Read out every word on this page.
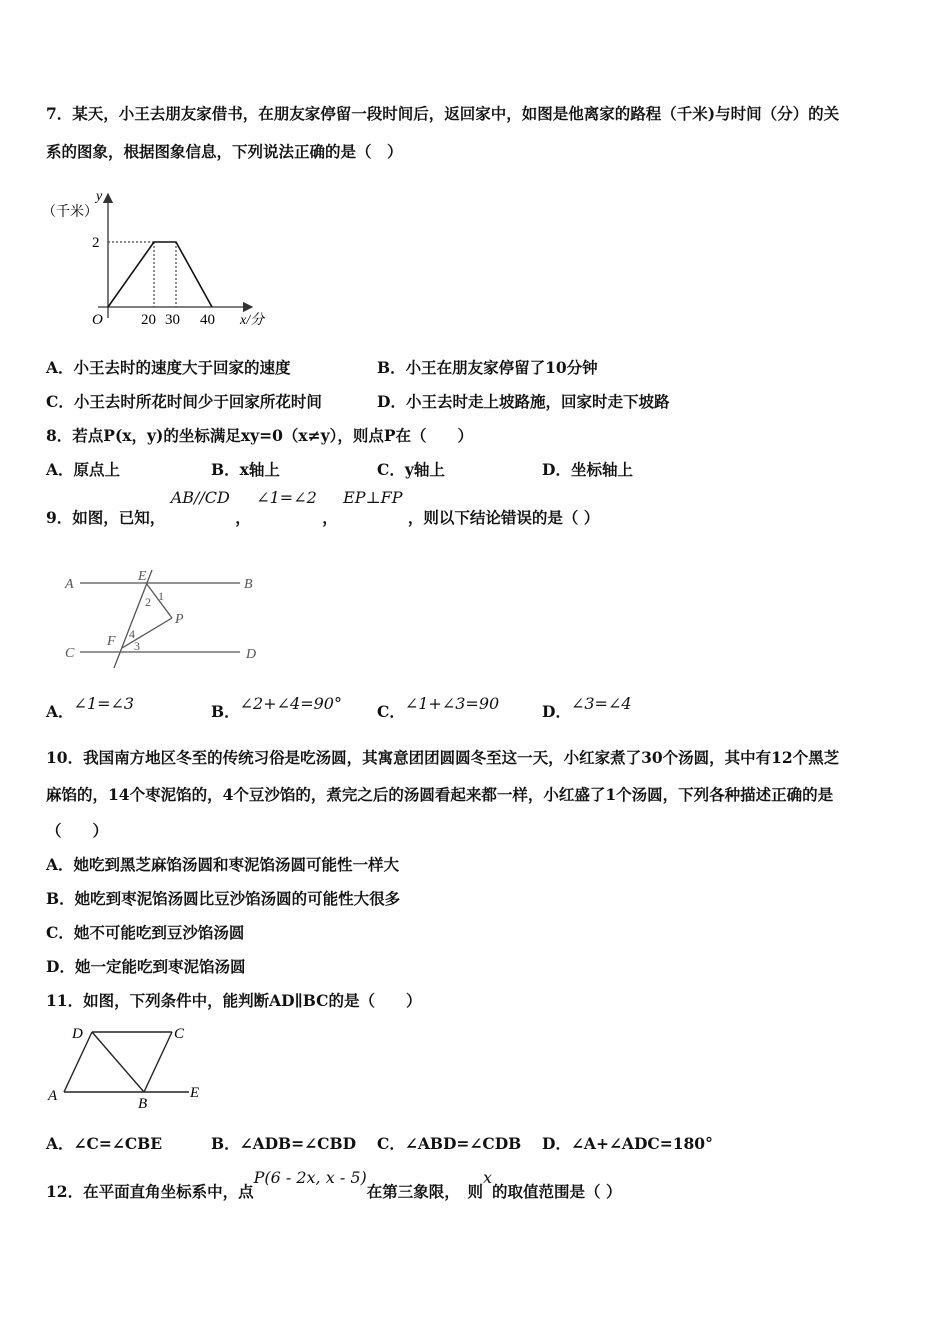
7．某天，小王去朋友家借书，在朋友家停留一段时间后，返回家中，如图是他离家的路程（千米)与时间（分）的关
系的图象，根据图象信息，下列说法正确的是（　）
y
（千米）
2
O	20 30 40 x/分
A．小王去时的速度大于回家的速度	B．小王在朋友家停留了10分钟
C．小王去时所花时间少于回家所花时间	D．小王去时走上坡路施，回家时走下坡路
8．若点P(x，y)的坐标满足xy=0（x≠y），则点P在（　　）
A．原点上	B．x轴上	C．y轴上	D．坐标轴上
9．如图，已知， AB//CD ， ∠1=∠2 ， EP⊥FP ，则以下结论错误的是（ ）
A
E
B
C
F
D
P
1
2
3
4
A．∠1=∠3	B．∠2+∠4=90° C．∠1+∠3=90	D．∠3=∠4
10．我国南方地区冬至的传统习俗是吃汤圆，其寓意团团圆圆冬至这一天，小红家煮了30个汤圆，其中有12个黑芝
麻馅的，14个枣泥馅的，4个豆沙馅的，煮完之后的汤圆看起来都一样，小红盛了1个汤圆，下列各种描述正确的是
（　　）
A．她吃到黑芝麻馅汤圆和枣泥馅汤圆可能性一样大
B．她吃到枣泥馅汤圆比豆沙馅汤圆的可能性大很多
C．她不可能吃到豆沙馅汤圆
D．她一定能吃到枣泥馅汤圆
11．如图，下列条件中，能判断AD∥BC的是（　　）
D	C
A	B
E
A．∠C=∠CBE	B．∠ADB=∠CBD C．∠ABD=∠CDB D．∠A+∠ADC=180°
12．在平面直角坐标系中，点P(6 - 2x, x - 5)在第三象限，　则x的取值范围是（ ）
